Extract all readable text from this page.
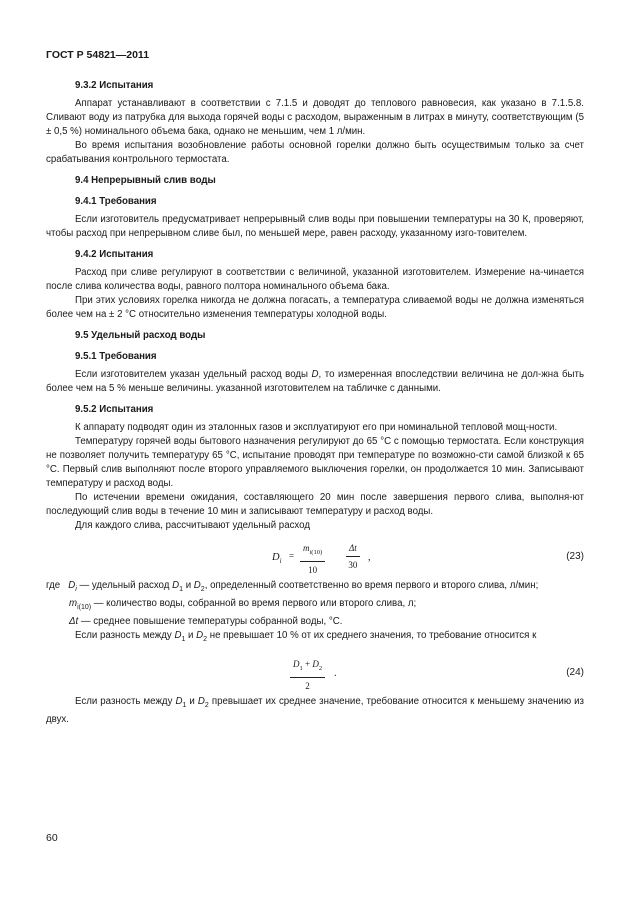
ГОСТ Р 54821—2011

9.3.2 Испытания

Аппарат устанавливают в соответствии с 7.1.5 и доводят до теплового равновесия, как указано в 7.1.5.8. Сливают воду из патрубка для выхода горячей воды с расходом, выраженным в литрах в минуту, соответствующим (5 ± 0,5 %) номинального объема бака, однако не меньшим, чем 1 л/мин.

Во время испытания возобновление работы основной горелки должно быть осуществимым только за счет срабатывания контрольного термостата.

9.4 Непрерывный слив воды

9.4.1 Требования

Если изготовитель предусматривает непрерывный слив воды при повышении температуры на 30 К, проверяют, чтобы расход при непрерывном сливе был, по меньшей мере, равен расходу, указанному изго-товителем.

9.4.2 Испытания

Расход при сливе регулируют в соответствии с величиной, указанной изготовителем. Измерение на-чинается после слива количества воды, равного полтора номинального объема бака.

При этих условиях горелка никогда не должна погасать, а температура сливаемой воды не должна изменяться более чем на ± 2 °С относительно изменения температуры холодной воды.

9.5 Удельный расход воды

9.5.1 Требования

Если изготовителем указан удельный расход воды D, то измеренная впоследствии величина не дол-жна быть более чем на 5 % меньше величины. указанной изготовителем на табличке с данными.

9.5.2 Испытания

К аппарату подводят один из эталонных газов и эксплуатируют его при номинальной тепловой мощ-ности.

Температуру горячей воды бытового назначения регулируют до 65 °С с помощью термостата. Если конструкция не позволяет получить температуру 65 °С, испытание проводят при температуре по возможно-сти самой близкой к 65 °С. Первый слив выполняют после второго управляемого выключения горелки, он продолжается 10 мин. Записывают температуру и расход воды.

По истечении времени ожидания, составляющего 20 мин после завершения первого слива, выполня-ют последующий слив воды в течение 10 мин и записывают температуру и расход воды.

Для каждого слива, рассчитывают удельный расход

$D_i$
= $\frac{m_{i(10)}}{10} \frac{\Delta t}{30}$ ,	(23)

где $D_i$ — удельный расход $D_1$ и $D_2$, определенный соответственно во время первого и второго слива, л/мин;

$m_{i(10)}$ — количество воды, собранной во время первого или второго слива, л;

Δt — среднее повышение температуры собранной воды, °С.

Если разность между $D_1$ и $D_2$ не превышает 10 % от их среднего значения, то требование относится к

$\frac{D_1 + D_2}{2}$ .	(24)

Если разность между $D_1$ и $D_2$ превышает их среднее значение, требование относится к меньшему значению из двух.

60
